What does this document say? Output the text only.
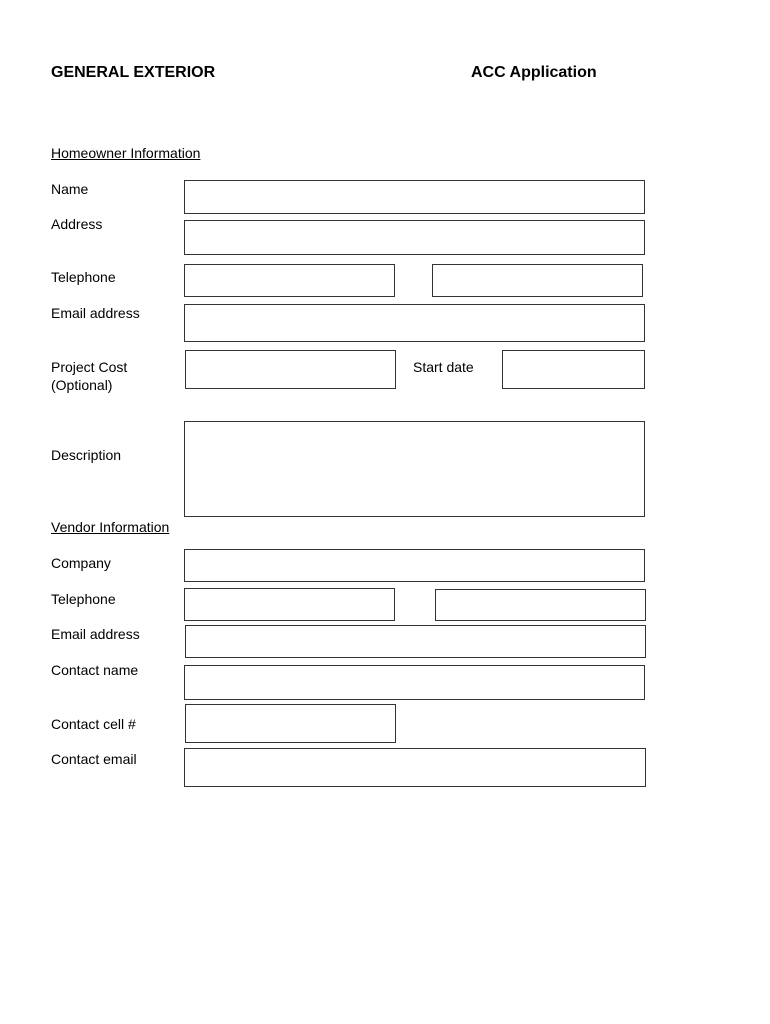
GENERAL EXTERIOR	ACC Application
Homeowner Information
Name
Address
Telephone
Email address
Project Cost
(Optional)
Start date
Description
Vendor Information
Company
Telephone
Email address
Contact name
Contact cell #
Contact email
